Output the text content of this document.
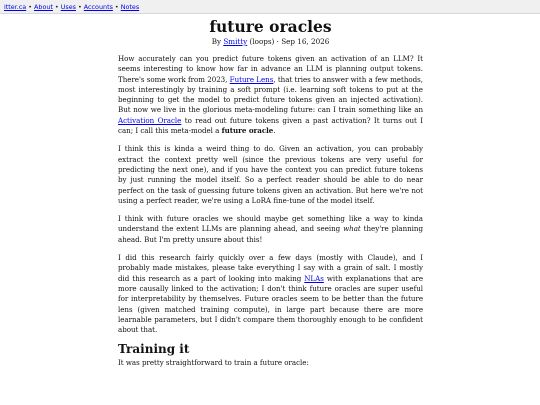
itter.ca • About • Uses • Accounts • Notes
future oracles
By Smitty (loops) · Sep 16, 2026

How accurately can you predict future tokens given an activation of an LLM? It seems interesting to know how far in advance an LLM is planning output tokens. There's some work from 2023, Future Lens, that tries to answer with a few methods, most interestingly by training a soft prompt (i.e. learning soft tokens to put at the beginning to get the model to predict future tokens given an injected activation). But now we live in the glorious meta-modeling future: can I train something like an Activation Oracle to read out future tokens given a past activation? It turns out I can; I call this meta-model a future oracle.

I think this is kinda a weird thing to do. Given an activation, you can probably extract the context pretty well (since the previous tokens are very useful for predicting the next one), and if you have the context you can predict future tokens by just running the model itself. So a perfect reader should be able to do near perfect on the task of guessing future tokens given an activation. But here we're not using a perfect reader, we're using a LoRA fine-tune of the model itself.

I think with future oracles we should maybe get something like a way to kinda understand the extent LLMs are planning ahead, and seeing what they're planning ahead. But I'm pretty unsure about this!

I did this research fairly quickly over a few days (mostly with Claude), and I probably made mistakes, please take everything I say with a grain of salt. I mostly did this research as a part of looking into making NLAs with explanations that are more causally linked to the activation; I don't think future oracles are super useful for interpretability by themselves. Future oracles seem to be better than the future lens (given matched training compute), in large part because there are more learnable parameters, but I didn't compare them thoroughly enough to be confident about that.

Training it

It was pretty straightforward to train a future oracle:
